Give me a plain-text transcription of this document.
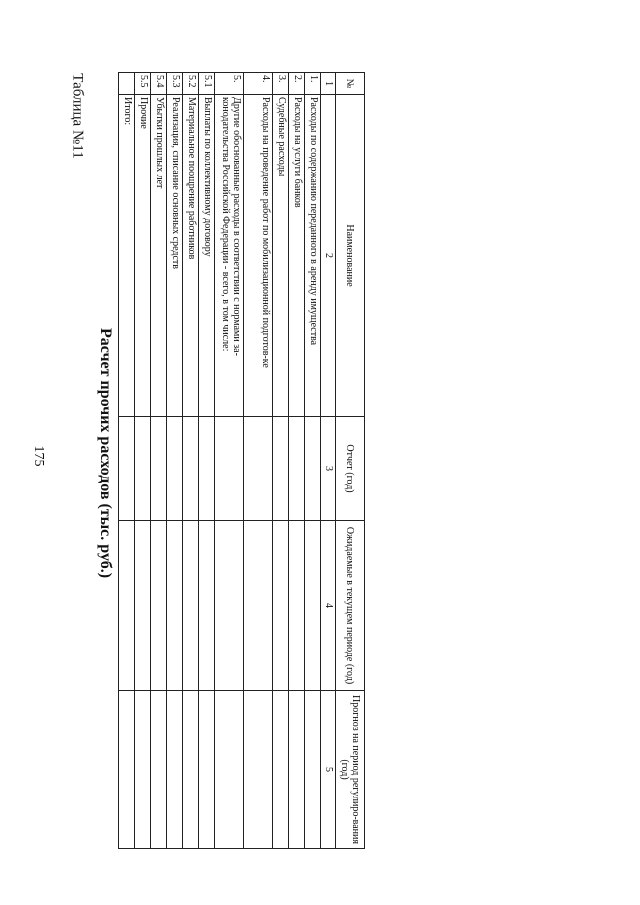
175	Расчет прочих расходов (тыс. руб.)
Таблица №11	№	Наименование	Отчет (год)	Ожидаемые в текущем периоде (год)	Прогноз на период регулиро-вания (год)
1	2	3	4	5
1.	Расходы по содержанию переданного в аренду имущества			
2.	Расходы на услуги банков			
3.	Судебные расходы			
4.	Расходы на проведение работ по мобилизационной подготов-ке			
5.	Другие обоснованные расходы в соответствии с нормами за-конодательства Российской Федерации - всего, в том числе:			
5.1	Выплаты по коллективному договору			
5.2	Материальное поощрение работников			
5.3	Реализация, списание основных средств			
5.4	Убытки прошлых лет			
5.5	Прочие			
	Итого:			
